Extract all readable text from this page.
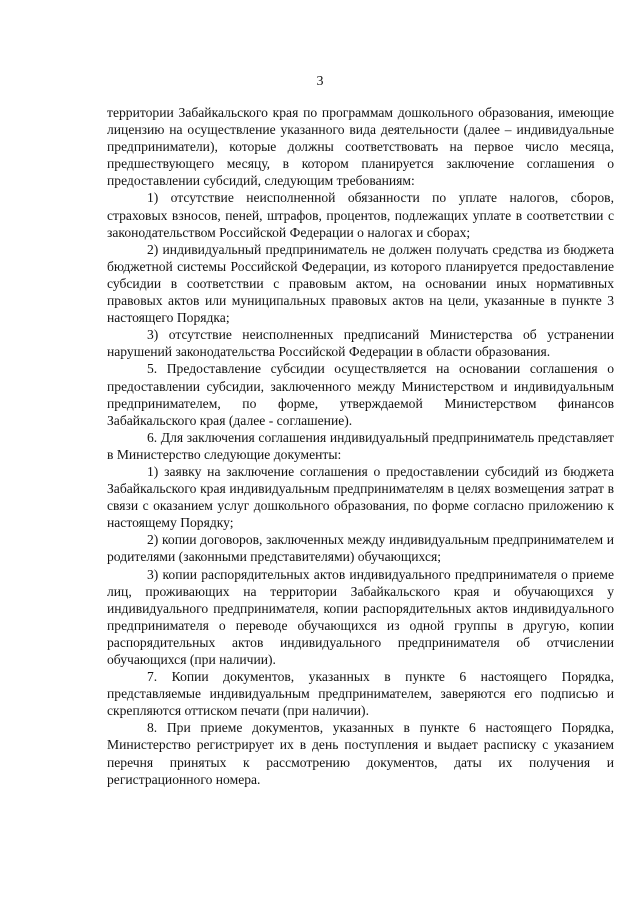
3

территории Забайкальского края по программам дошкольного образования, имеющие лицензию на осуществление указанного вида деятельности (далее – индивидуальные предприниматели), которые должны соответствовать на первое число месяца, предшествующего месяцу, в котором планируется заключение соглашения о предоставлении субсидий, следующим требованиям:

1) отсутствие неисполненной обязанности по уплате налогов, сборов, страховых взносов, пеней, штрафов, процентов, подлежащих уплате в соответствии с законодательством Российской Федерации о налогах и сборах;

2) индивидуальный предприниматель не должен получать средства из бюджета бюджетной системы Российской Федерации, из которого планируется предоставление субсидии в соответствии с правовым актом, на основании иных нормативных правовых актов или муниципальных правовых актов на цели, указанные в пункте 3 настоящего Порядка;

3) отсутствие неисполненных предписаний Министерства об устранении нарушений законодательства Российской Федерации в области образования.

5. Предоставление субсидии осуществляется на основании соглашения о предоставлении субсидии, заключенного между Министерством и индивидуальным предпринимателем, по форме, утверждаемой Министерством финансов Забайкальского края (далее - соглашение).

6. Для заключения соглашения индивидуальный предприниматель представляет в Министерство следующие документы:

1) заявку на заключение соглашения о предоставлении субсидий из бюджета Забайкальского края индивидуальным предпринимателям в целях возмещения затрат в связи с оказанием услуг дошкольного образования, по форме согласно приложению к настоящему Порядку;

2) копии договоров, заключенных между индивидуальным предпринимателем и родителями (законными представителями) обучающихся;

3) копии распорядительных актов индивидуального предпринимателя о приеме лиц, проживающих на территории Забайкальского края и обучающихся у индивидуального предпринимателя, копии распорядительных актов индивидуального предпринимателя о переводе обучающихся из одной группы в другую, копии распорядительных актов индивидуального предпринимателя об отчислении обучающихся (при наличии).

7. Копии документов, указанных в пункте 6 настоящего Порядка, представляемые индивидуальным предпринимателем, заверяются его подписью и скрепляются оттиском печати (при наличии).

8. При приеме документов, указанных в пункте 6 настоящего Порядка, Министерство регистрирует их в день поступления и выдает расписку с указанием перечня принятых к рассмотрению документов, даты их получения и регистрационного номера.
